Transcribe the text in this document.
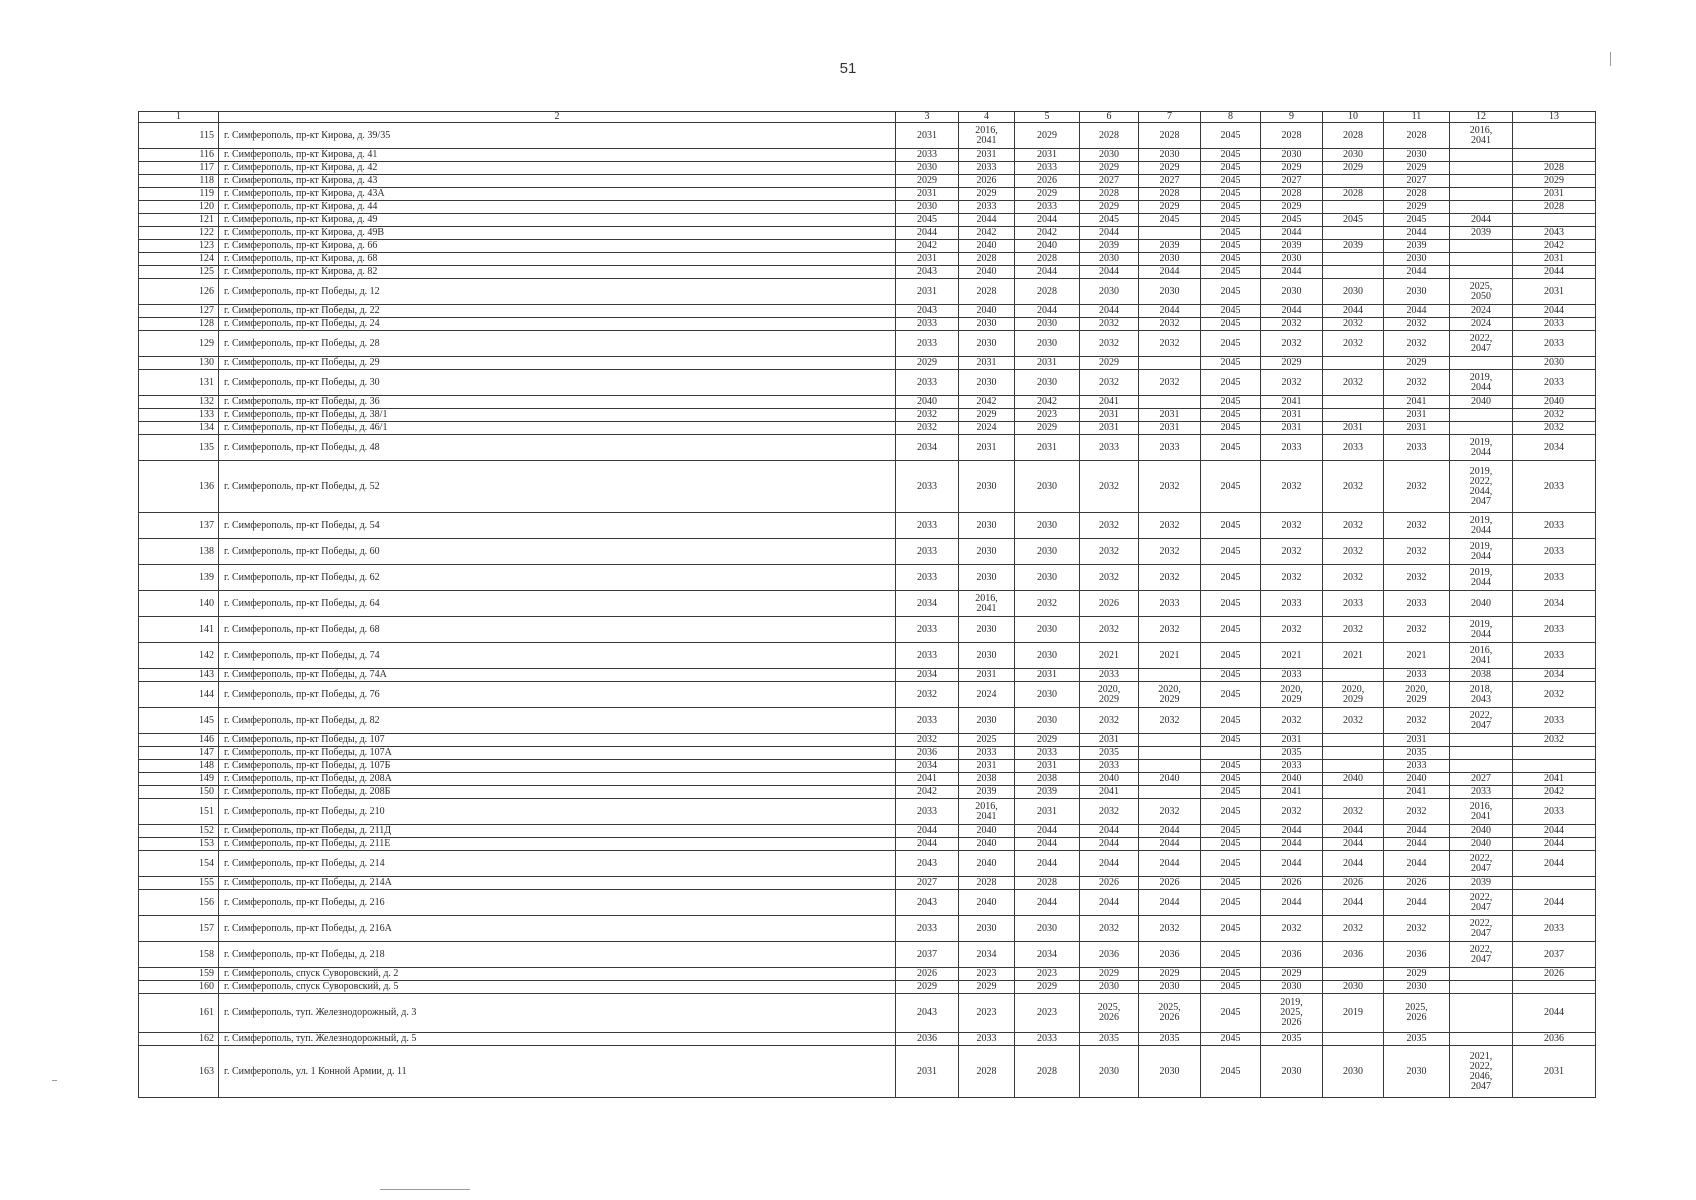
51
1	2	3	4	5	6	7	8	9	10	11	12	13
115	г. Симферополь, пр-кт Кирова, д. 39/35	2031	2016,
2041	2029	2028	2028	2045	2028	2028	2028	2016,
2041	
116	г. Симферополь, пр-кт Кирова, д. 41	2033	2031	2031	2030	2030	2045	2030	2030	2030		
117	г. Симферополь, пр-кт Кирова, д. 42	2030	2033	2033	2029	2029	2045	2029	2029	2029		2028
118	г. Симферополь, пр-кт Кирова, д. 43	2029	2026	2026	2027	2027	2045	2027		2027		2029
119	г. Симферополь, пр-кт Кирова, д. 43А	2031	2029	2029	2028	2028	2045	2028	2028	2028		2031
120	г. Симферополь, пр-кт Кирова, д. 44	2030	2033	2033	2029	2029	2045	2029		2029		2028
121	г. Симферополь, пр-кт Кирова, д. 49	2045	2044	2044	2045	2045	2045	2045	2045	2045	2044	
122	г. Симферополь, пр-кт Кирова, д. 49В	2044	2042	2042	2044		2045	2044		2044	2039	2043
123	г. Симферополь, пр-кт Кирова, д. 66	2042	2040	2040	2039	2039	2045	2039	2039	2039		2042
124	г. Симферополь, пр-кт Кирова, д. 68	2031	2028	2028	2030	2030	2045	2030		2030		2031
125	г. Симферополь, пр-кт Кирова, д. 82	2043	2040	2044	2044	2044	2045	2044		2044		2044
126	г. Симферополь, пр-кт Победы, д. 12	2031	2028	2028	2030	2030	2045	2030	2030	2030	2025,
2050	2031
127	г. Симферополь, пр-кт Победы, д. 22	2043	2040	2044	2044	2044	2045	2044	2044	2044	2024	2044
128	г. Симферополь, пр-кт Победы, д. 24	2033	2030	2030	2032	2032	2045	2032	2032	2032	2024	2033
129	г. Симферополь, пр-кт Победы, д. 28	2033	2030	2030	2032	2032	2045	2032	2032	2032	2022,
2047	2033
130	г. Симферополь, пр-кт Победы, д. 29	2029	2031	2031	2029		2045	2029		2029		2030
131	г. Симферополь, пр-кт Победы, д. 30	2033	2030	2030	2032	2032	2045	2032	2032	2032	2019,
2044	2033
132	г. Симферополь, пр-кт Победы, д. 36	2040	2042	2042	2041		2045	2041		2041	2040	2040
133	г. Симферополь, пр-кт Победы, д. 38/1	2032	2029	2023	2031	2031	2045	2031		2031		2032
134	г. Симферополь, пр-кт Победы, д. 46/1	2032	2024	2029	2031	2031	2045	2031	2031	2031		2032
135	г. Симферополь, пр-кт Победы, д. 48	2034	2031	2031	2033	2033	2045	2033	2033	2033	2019,
2044	2034
136	г. Симферополь, пр-кт Победы, д. 52	2033	2030	2030	2032	2032	2045	2032	2032	2032	2019,
2022,
2044,
2047	2033
137	г. Симферополь, пр-кт Победы, д. 54	2033	2030	2030	2032	2032	2045	2032	2032	2032	2019,
2044	2033
138	г. Симферополь, пр-кт Победы, д. 60	2033	2030	2030	2032	2032	2045	2032	2032	2032	2019,
2044	2033
139	г. Симферополь, пр-кт Победы, д. 62	2033	2030	2030	2032	2032	2045	2032	2032	2032	2019,
2044	2033
140	г. Симферополь, пр-кт Победы, д. 64	2034	2016,
2041	2032	2026	2033	2045	2033	2033	2033	2040	2034
141	г. Симферополь, пр-кт Победы, д. 68	2033	2030	2030	2032	2032	2045	2032	2032	2032	2019,
2044	2033
142	г. Симферополь, пр-кт Победы, д. 74	2033	2030	2030	2021	2021	2045	2021	2021	2021	2016,
2041	2033
143	г. Симферополь, пр-кт Победы, д. 74А	2034	2031	2031	2033		2045	2033		2033	2038	2034
144	г. Симферополь, пр-кт Победы, д. 76	2032	2024	2030	2020,
2029	2020,
2029	2045	2020,
2029	2020,
2029	2020,
2029	2018,
2043	2032
145	г. Симферополь, пр-кт Победы, д. 82	2033	2030	2030	2032	2032	2045	2032	2032	2032	2022,
2047	2033
146	г. Симферополь, пр-кт Победы, д. 107	2032	2025	2029	2031		2045	2031		2031		2032
147	г. Симферополь, пр-кт Победы, д. 107А	2036	2033	2033	2035			2035		2035		
148	г. Симферополь, пр-кт Победы, д. 107Б	2034	2031	2031	2033		2045	2033		2033		
149	г. Симферополь, пр-кт Победы, д. 208А	2041	2038	2038	2040	2040	2045	2040	2040	2040	2027	2041
150	г. Симферополь, пр-кт Победы, д. 208Б	2042	2039	2039	2041		2045	2041		2041	2033	2042
151	г. Симферополь, пр-кт Победы, д. 210	2033	2016,
2041	2031	2032	2032	2045	2032	2032	2032	2016,
2041	2033
152	г. Симферополь, пр-кт Победы, д. 211Д	2044	2040	2044	2044	2044	2045	2044	2044	2044	2040	2044
153	г. Симферополь, пр-кт Победы, д. 211Е	2044	2040	2044	2044	2044	2045	2044	2044	2044	2040	2044
154	г. Симферополь, пр-кт Победы, д. 214	2043	2040	2044	2044	2044	2045	2044	2044	2044	2022,
2047	2044
155	г. Симферополь, пр-кт Победы, д. 214А	2027	2028	2028	2026	2026	2045	2026	2026	2026	2039	
156	г. Симферополь, пр-кт Победы, д. 216	2043	2040	2044	2044	2044	2045	2044	2044	2044	2022,
2047	2044
157	г. Симферополь, пр-кт Победы, д. 216А	2033	2030	2030	2032	2032	2045	2032	2032	2032	2022,
2047	2033
158	г. Симферополь, пр-кт Победы, д. 218	2037	2034	2034	2036	2036	2045	2036	2036	2036	2022,
2047	2037
159	г. Симферополь, спуск Суворовский, д. 2	2026	2023	2023	2029	2029	2045	2029		2029		2026
160	г. Симферополь, спуск Суворовский, д. 5	2029	2029	2029	2030	2030	2045	2030	2030	2030		
161	г. Симферополь, туп. Железнодорожный, д. 3	2043	2023	2023	2025,
2026	2025,
2026	2045	2019,
2025,
2026	2019	2025,
2026		2044
162	г. Симферополь, туп. Железнодорожный, д. 5	2036	2033	2033	2035	2035	2045	2035		2035		2036
163	г. Симферополь, ул. 1 Конной Армии, д. 11	2031	2028	2028	2030	2030	2045	2030	2030	2030	2021,
2022,
2046,
2047	2031
